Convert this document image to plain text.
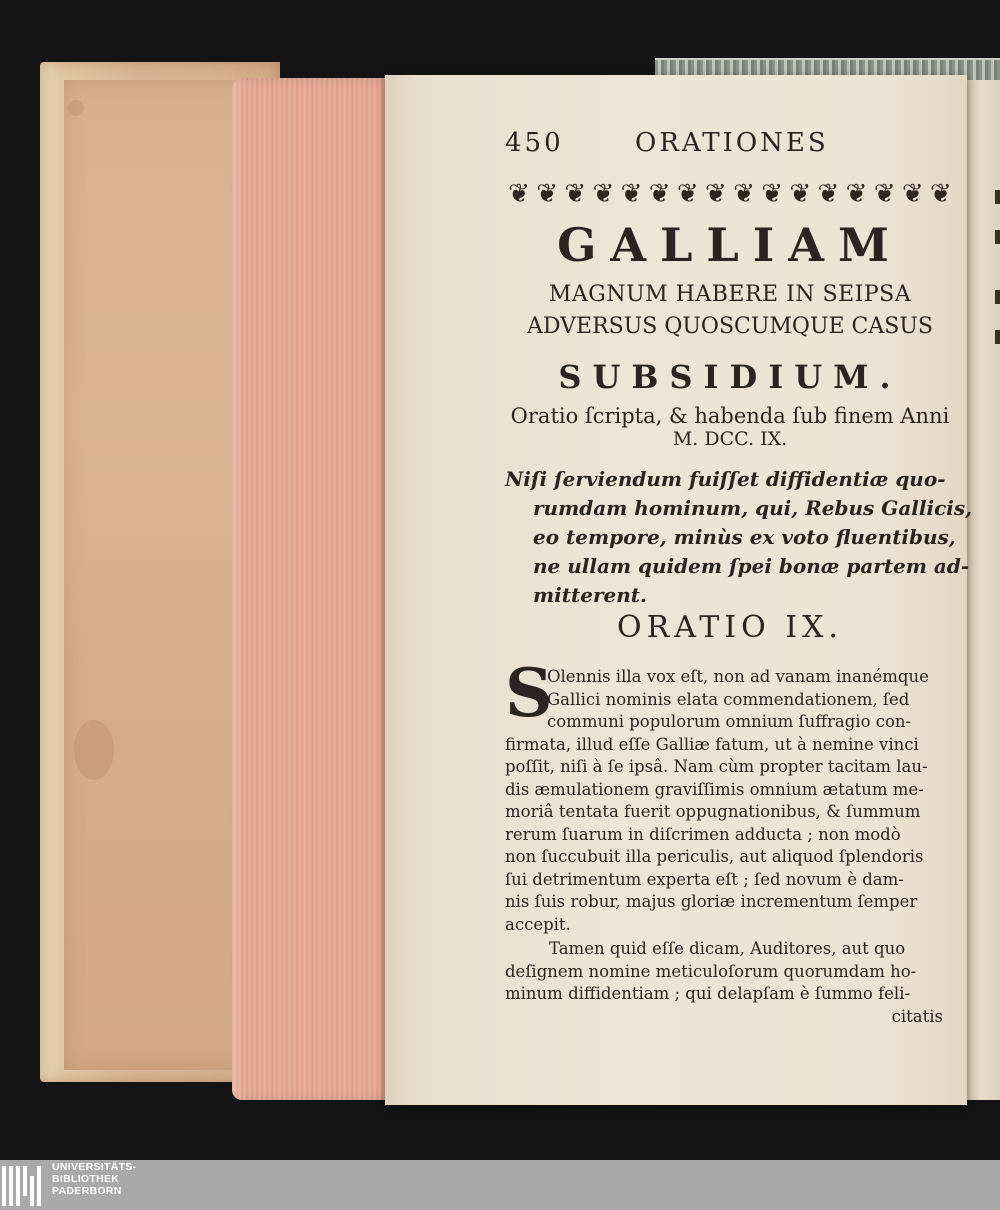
450	ORATIONES
❦ ❦ ❦ ❦ ❦ ❦ ❦ ❦ ❦ ❦ ❦ ❦ ❦ ❦ ❦ ❦
GALLIAM
MAGNUM HABERE IN SEIPSA
ADVERSUS QUOSCUMQUE CASUS
SUBSIDIUM.
Oratio ſcripta, & habenda ſub finem Anni
M. DCC. IX.
Niſi ſerviendum fuiſſet diffidentiæ quo-
rumdam hominum, qui, Rebus Gallicis,
eo tempore, minùs ex voto fluentibus,
ne ullam quidem ſpei bonæ partem ad-
mitterent.
ORATIO IX.
S
Olennis illa vox eſt, non ad vanam inanémque
Gallici nominis elata commendationem, ſed
communi populorum omnium ſuffragio con-
firmata, illud eſſe Galliæ fatum, ut à nemine vinci
poſſit, niſi à ſe ipsâ. Nam cùm propter tacitam lau-
dis æmulationem graviſſimis omnium ætatum me-
moriâ tentata fuerit oppugnationibus, & ſummum
rerum ſuarum in diſcrimen adducta ; non modò
non ſuccubuit illa periculis, aut aliquod ſplendoris
ſui detrimentum experta eſt ; ſed novum è dam-
nis ſuis robur, majus gloriæ incrementum ſemper
accepit.
Tamen quid eſſe dicam, Auditores, aut quo
deſignem nomine meticuloſorum quorumdam ho-
minum diffidentiam ; qui delapſam è ſummo feli-
citatis
UNIVERSITÄTS-
BIBLIOTHEK
PADERBORN
